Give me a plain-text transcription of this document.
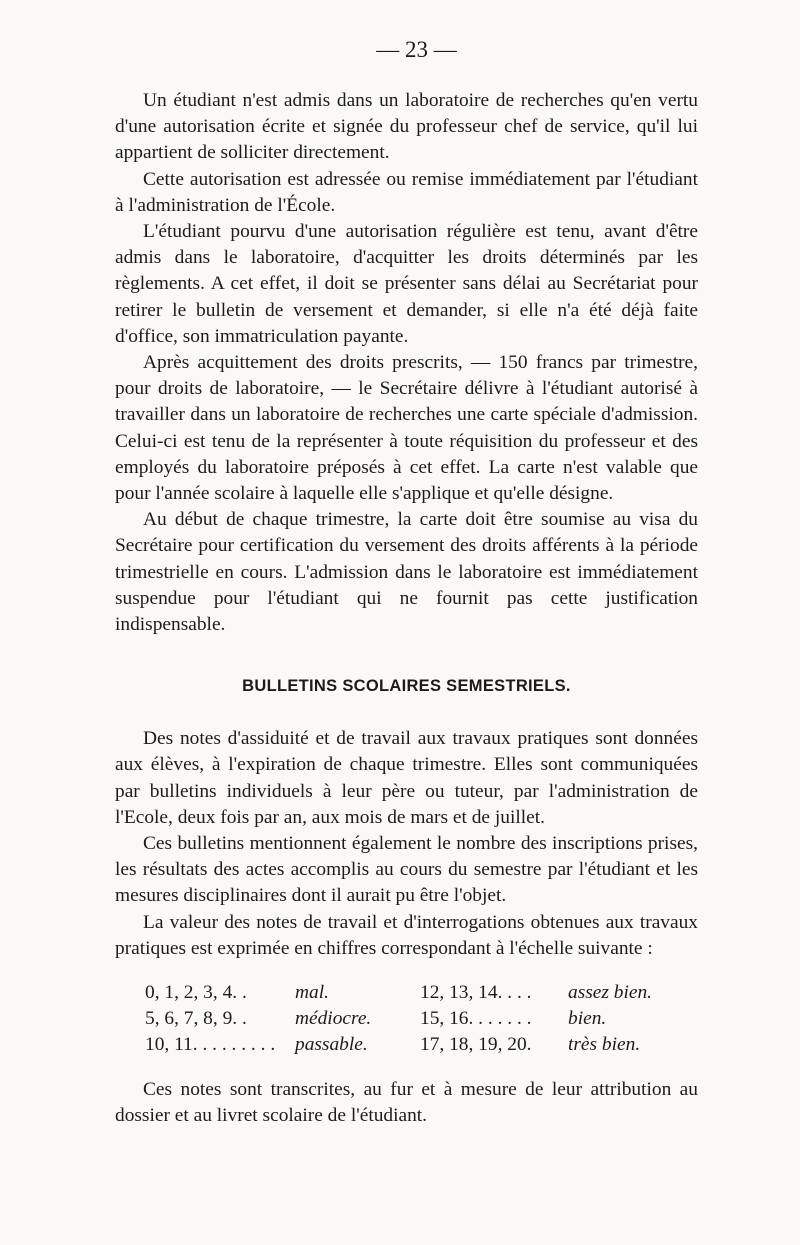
— 23 —

Un étudiant n'est admis dans un laboratoire de recherches qu'en vertu d'une autorisation écrite et signée du professeur chef de service, qu'il lui appartient de solliciter directement.

Cette autorisation est adressée ou remise immédiatement par l'étudiant à l'administration de l'École.

L'étudiant pourvu d'une autorisation régulière est tenu, avant d'être admis dans le laboratoire, d'acquitter les droits déterminés par les règlements. A cet effet, il doit se présenter sans délai au Secrétariat pour retirer le bulletin de versement et demander, si elle n'a été déjà faite d'office, son immatriculation payante.

Après acquittement des droits prescrits, — 150 francs par trimestre, pour droits de laboratoire, — le Secrétaire délivre à l'étudiant autorisé à travailler dans un laboratoire de recherches une carte spéciale d'admission. Celui-ci est tenu de la représenter à toute réquisition du professeur et des employés du laboratoire préposés à cet effet. La carte n'est valable que pour l'année scolaire à laquelle elle s'applique et qu'elle désigne.

Au début de chaque trimestre, la carte doit être soumise au visa du Secrétaire pour certification du versement des droits afférents à la période trimestrielle en cours. L'admission dans le laboratoire est immédiatement suspendue pour l'étudiant qui ne fournit pas cette justification indispensable.

BULLETINS SCOLAIRES SEMESTRIELS.

Des notes d'assiduité et de travail aux travaux pratiques sont données aux élèves, à l'expiration de chaque trimestre. Elles sont communiquées par bulletins individuels à leur père ou tuteur, par l'administration de l'Ecole, deux fois par an, aux mois de mars et de juillet.

Ces bulletins mentionnent également le nombre des inscriptions prises, les résultats des actes accomplis au cours du semestre par l'étudiant et les mesures disciplinaires dont il aurait pu être l'objet.

La valeur des notes de travail et d'interrogations obtenues aux travaux pratiques est exprimée en chiffres correspondant à l'échelle suivante :

0, 1, 2, 3, 4. . mal.	12, 13, 14. . . . assez bien.
5, 6, 7, 8, 9. . médiocre.	15, 16. . . . . . . bien.
10, 11. . . . . . . . . passable.	17, 18, 19, 20. très bien.

Ces notes sont transcrites, au fur et à mesure de leur attribution au dossier et au livret scolaire de l'étudiant.
